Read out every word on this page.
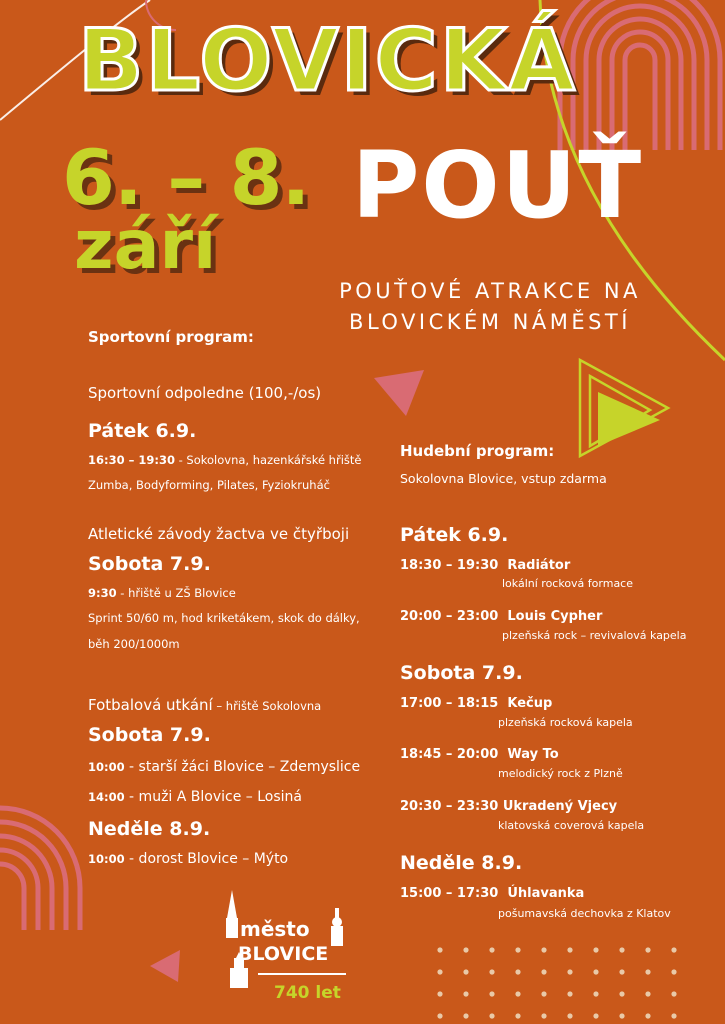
BLOVICKÁ
6. – 8.
září
POUŤ
POUŤOVÉ ATRAKCE NA
BLOVICKÉM NÁMĚSTÍ
Sportovní program:
Sportovní odpoledne (100,-/os)
Pátek 6.9.
16:30 – 19:30 - Sokolovna, hazenkářské hřiště
Zumba, Bodyforming, Pilates, Fyziokruháč
Atletické závody žactva ve čtyřboji
Sobota 7.9.
9:30 - hřiště u ZŠ Blovice
Sprint 50/60 m, hod kriketákem, skok do dálky,
běh 200/1000m
Fotbalová utkání – hřiště Sokolovna
Sobota 7.9.
10:00 - starší žáci Blovice – Zdemyslice
14:00 - muži A Blovice – Losiná
Neděle 8.9.
10:00 - dorost Blovice – Mýto
Hudební program:
Sokolovna Blovice, vstup zdarma
Pátek 6.9.
18:30 – 19:30 Radiátor
lokální rocková formace
20:00 – 23:00 Louis Cypher
plzeňská rock – revivalová kapela
Sobota 7.9.
17:00 – 18:15 Kečup
plzeňská rocková kapela
18:45 – 20:00 Way To
melodický rock z Plzně
20:30 – 23:30 Ukradený Vjecy
klatovská coverová kapela
Neděle 8.9.
15:00 – 17:30 Úhlavanka
pošumavská dechovka z Klatov
město
BLOVICE
740 let
